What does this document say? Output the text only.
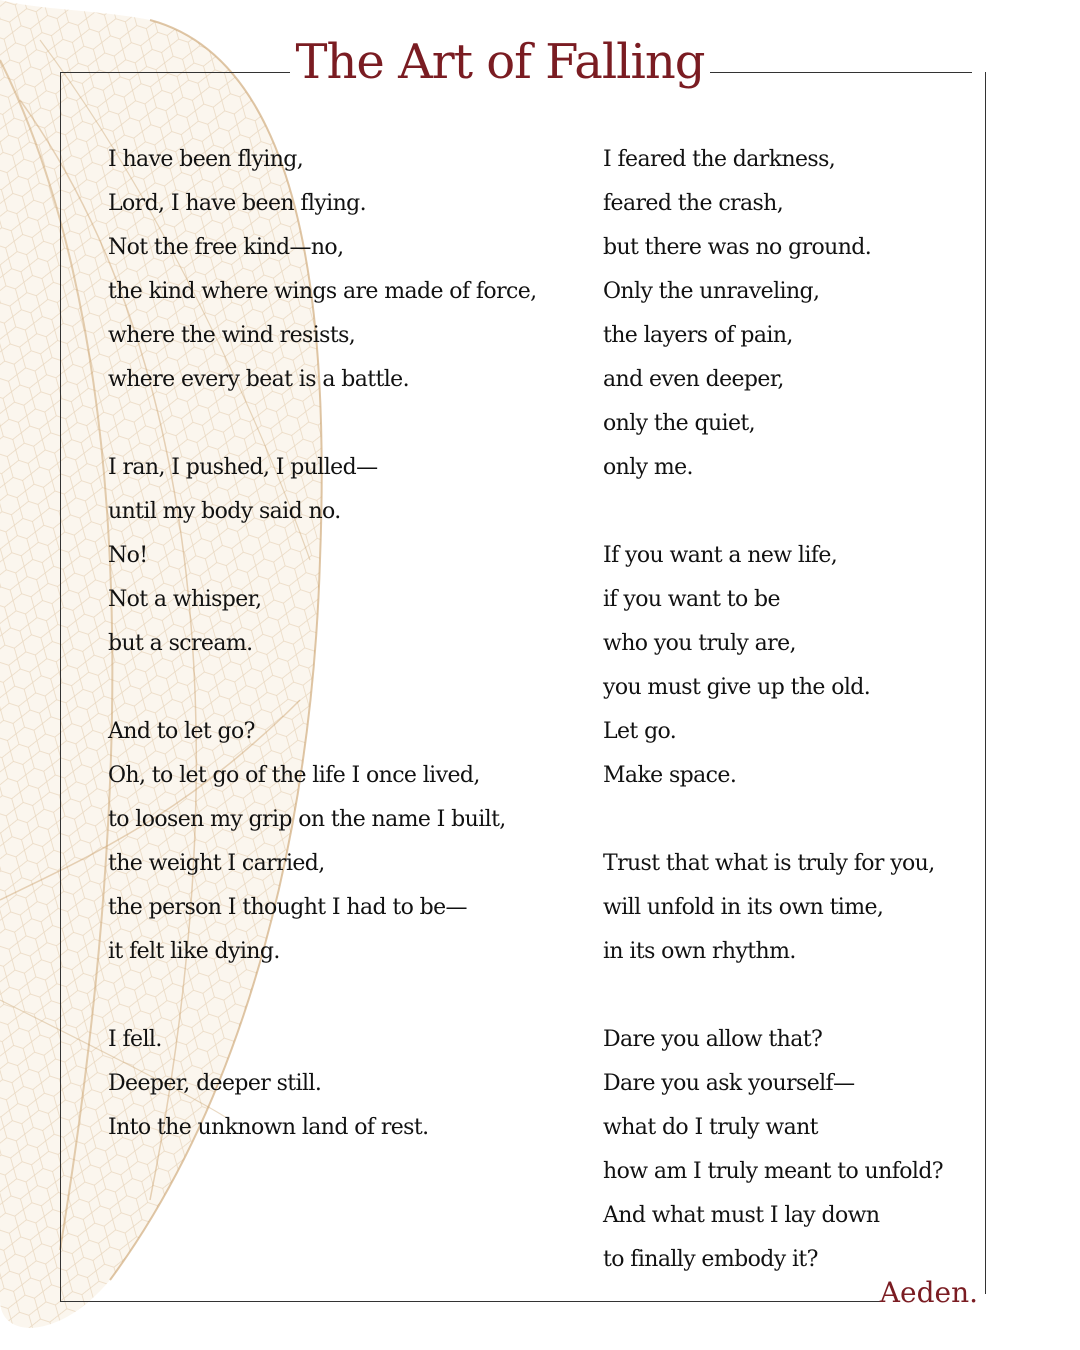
The Art of Falling
I have been flying,
Lord, I have been flying.
Not the free kind—no,
the kind where wings are made of force,
where the wind resists,
where every beat is a battle.
I ran, I pushed, I pulled—
until my body said no.
No!
Not a whisper,
but a scream.
And to let go?
Oh, to let go of the life I once lived,
to loosen my grip on the name I built,
the weight I carried,
the person I thought I had to be—
it felt like dying.
I fell.
Deeper, deeper still.
Into the unknown land of rest.
I feared the darkness,
feared the crash,
but there was no ground.
Only the unraveling,
the layers of pain,
and even deeper,
only the quiet,
only me.
If you want a new life,
if you want to be
who you truly are,
you must give up the old.
Let go.
Make space.
Trust that what is truly for you,
will unfold in its own time,
in its own rhythm.
Dare you allow that?
Dare you ask yourself—
what do I truly want
how am I truly meant to unfold?
And what must I lay down
to finally embody it?
Aeden.
